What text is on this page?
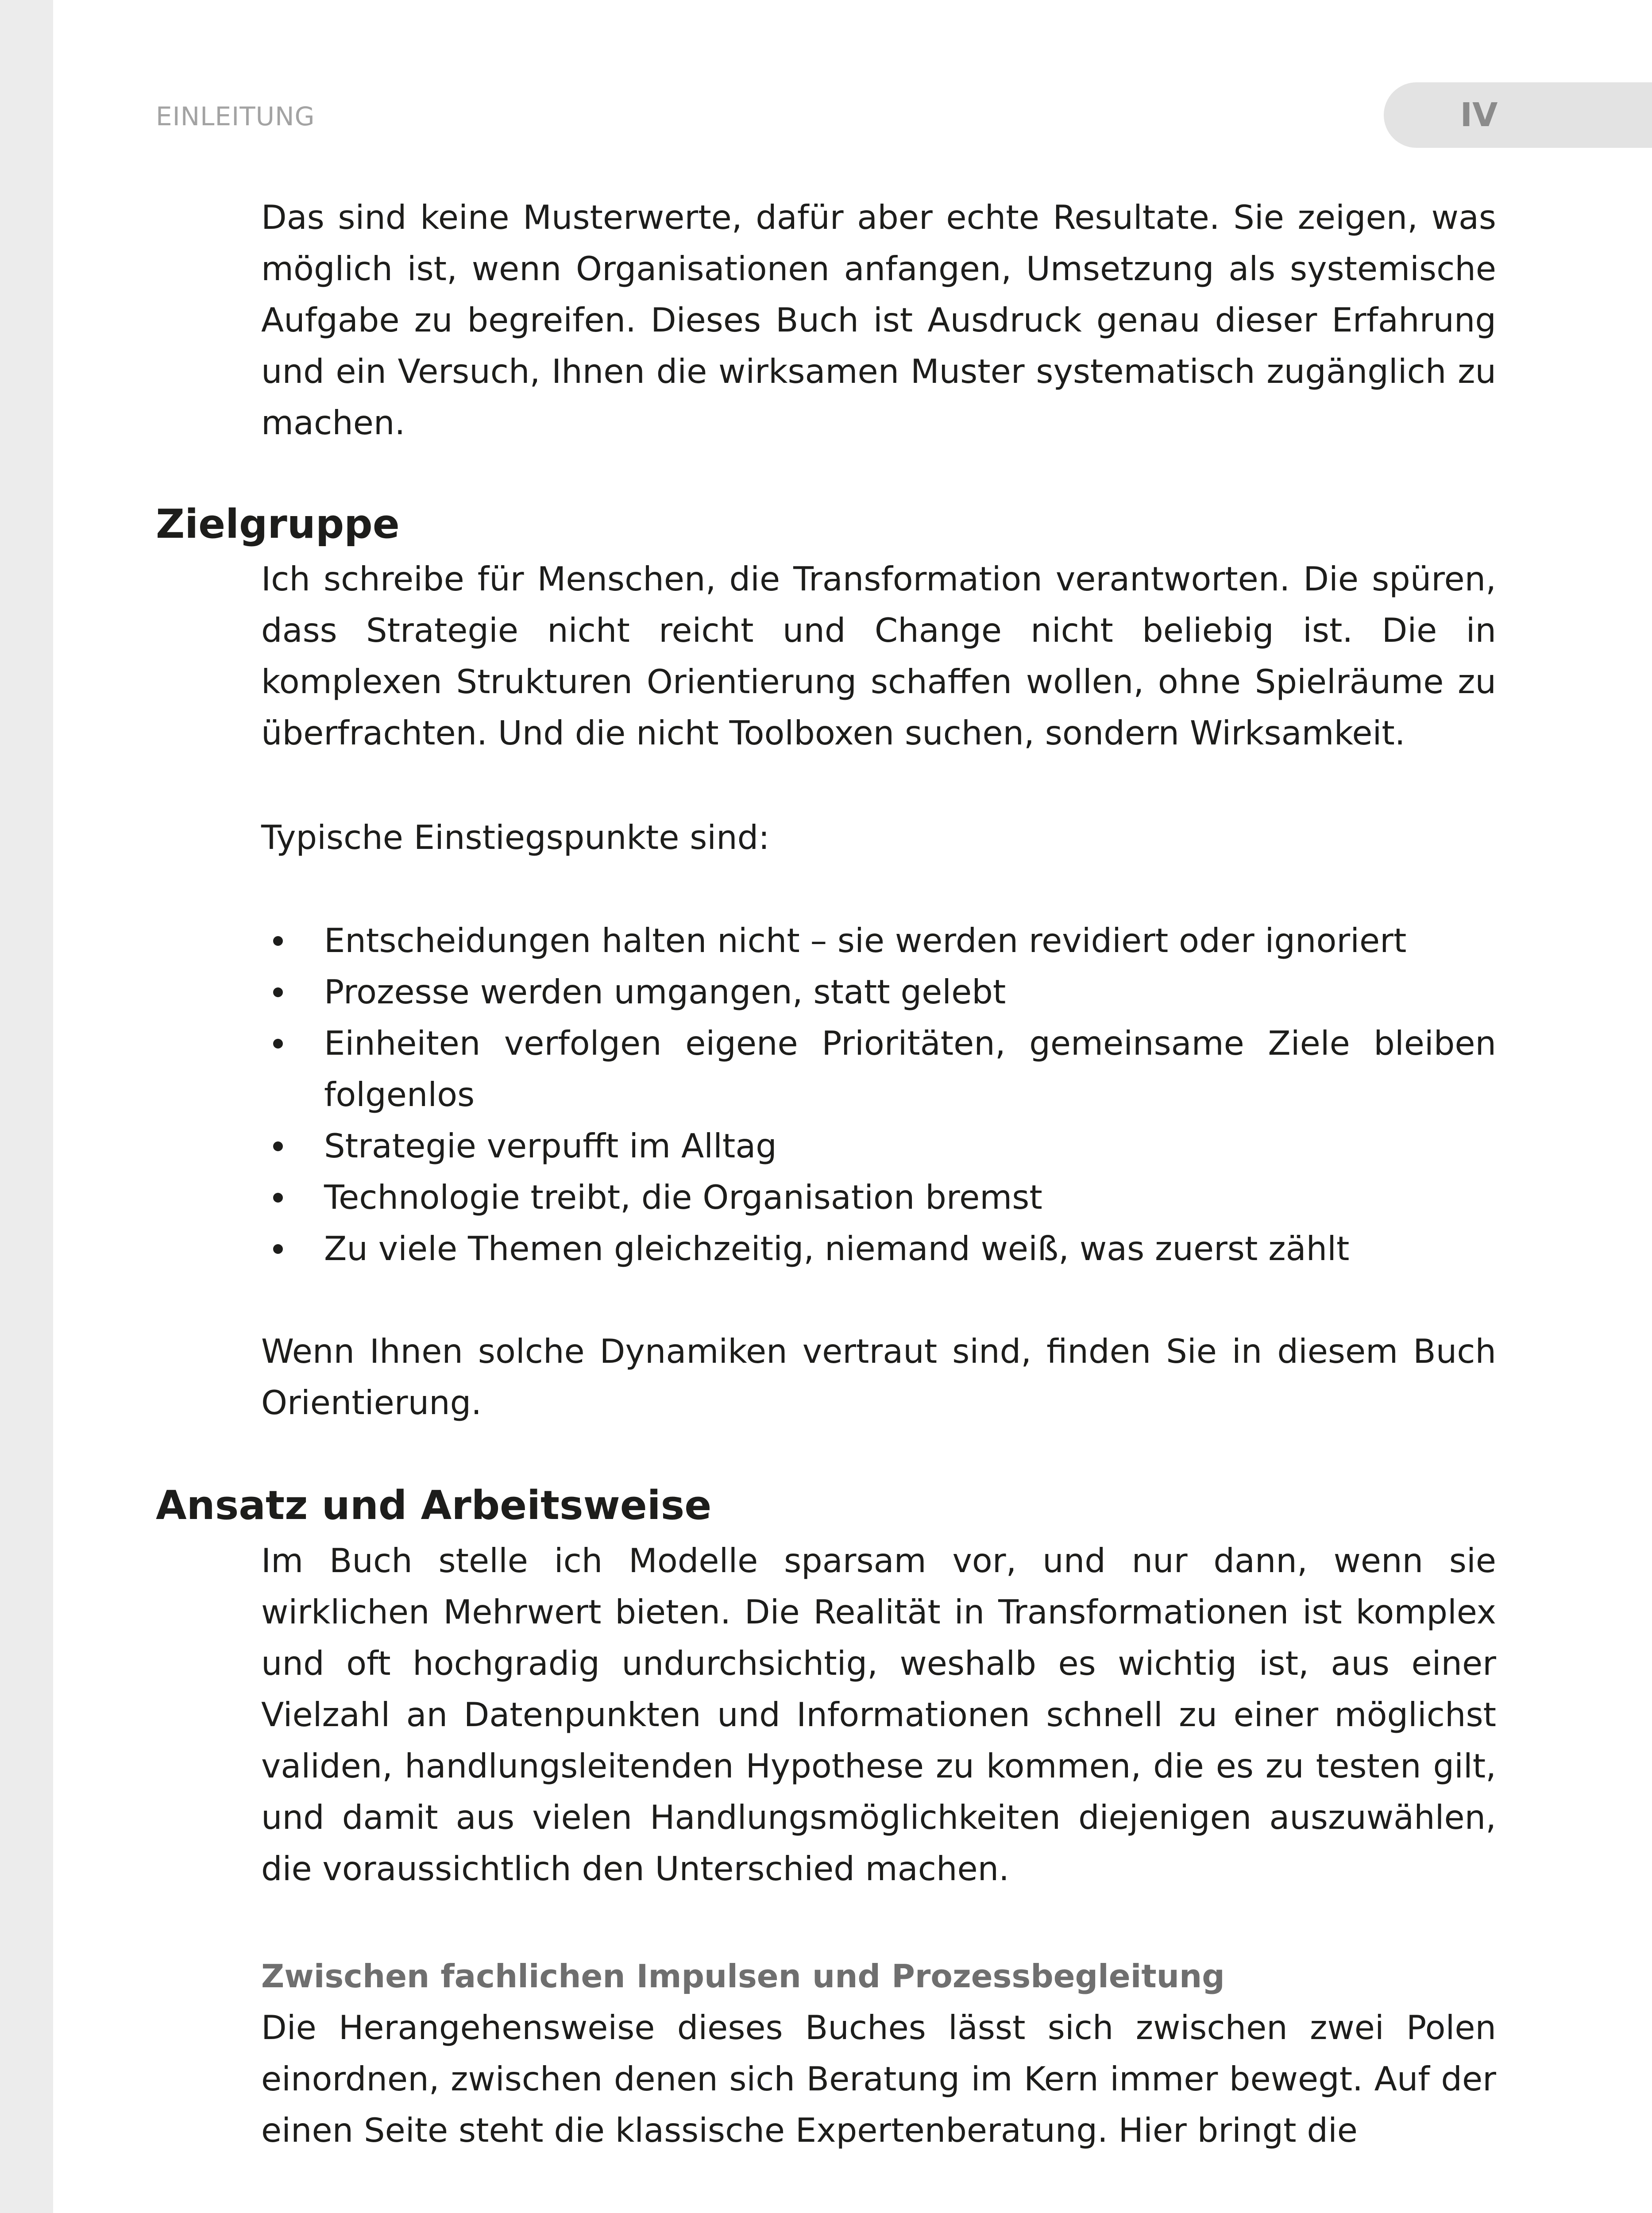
EINLEITUNG	IV
Das sind keine Musterwerte, dafür aber echte Resultate. Sie zeigen, was möglich ist, wenn Organisationen anfangen, Umsetzung als systemische Aufgabe zu begreifen. Dieses Buch ist Ausdruck genau dieser Erfahrung und ein Versuch, Ihnen die wirksamen Muster systematisch zugänglich zu machen.
Zielgruppe
Ich schreibe für Menschen, die Transformation verantworten. Die spüren, dass Strategie nicht reicht und Change nicht beliebig ist. Die in komplexen Strukturen Orientierung schaffen wollen, ohne Spielräume zu überfrachten. Und die nicht Toolboxen suchen, sondern Wirksamkeit.
Typische Einstiegspunkte sind:
Entscheidungen halten nicht – sie werden revidiert oder ignoriert
Prozesse werden umgangen, statt gelebt
Einheiten verfolgen eigene Prioritäten, gemeinsame Ziele bleiben folgenlos
Strategie verpufft im Alltag
Technologie treibt, die Organisation bremst
Zu viele Themen gleichzeitig, niemand weiß, was zuerst zählt
Wenn Ihnen solche Dynamiken vertraut sind, finden Sie in diesem Buch Orientierung.
Ansatz und Arbeitsweise
Im Buch stelle ich Modelle sparsam vor, und nur dann, wenn sie wirklichen Mehrwert bieten. Die Realität in Transformationen ist komplex und oft hochgradig undurchsichtig, weshalb es wichtig ist, aus einer Vielzahl an Datenpunkten und Informationen schnell zu einer möglichst validen, handlungsleitenden Hypothese zu kommen, die es zu testen gilt, und damit aus vielen Handlungsmöglichkeiten diejenigen auszuwählen, die voraussichtlich den Unterschied machen.
Zwischen fachlichen Impulsen und Prozessbegleitung
Die Herangehensweise dieses Buches lässt sich zwischen zwei Polen einordnen, zwischen denen sich Beratung im Kern immer bewegt. Auf der einen Seite steht die klassische Expertenberatung. Hier bringt die
